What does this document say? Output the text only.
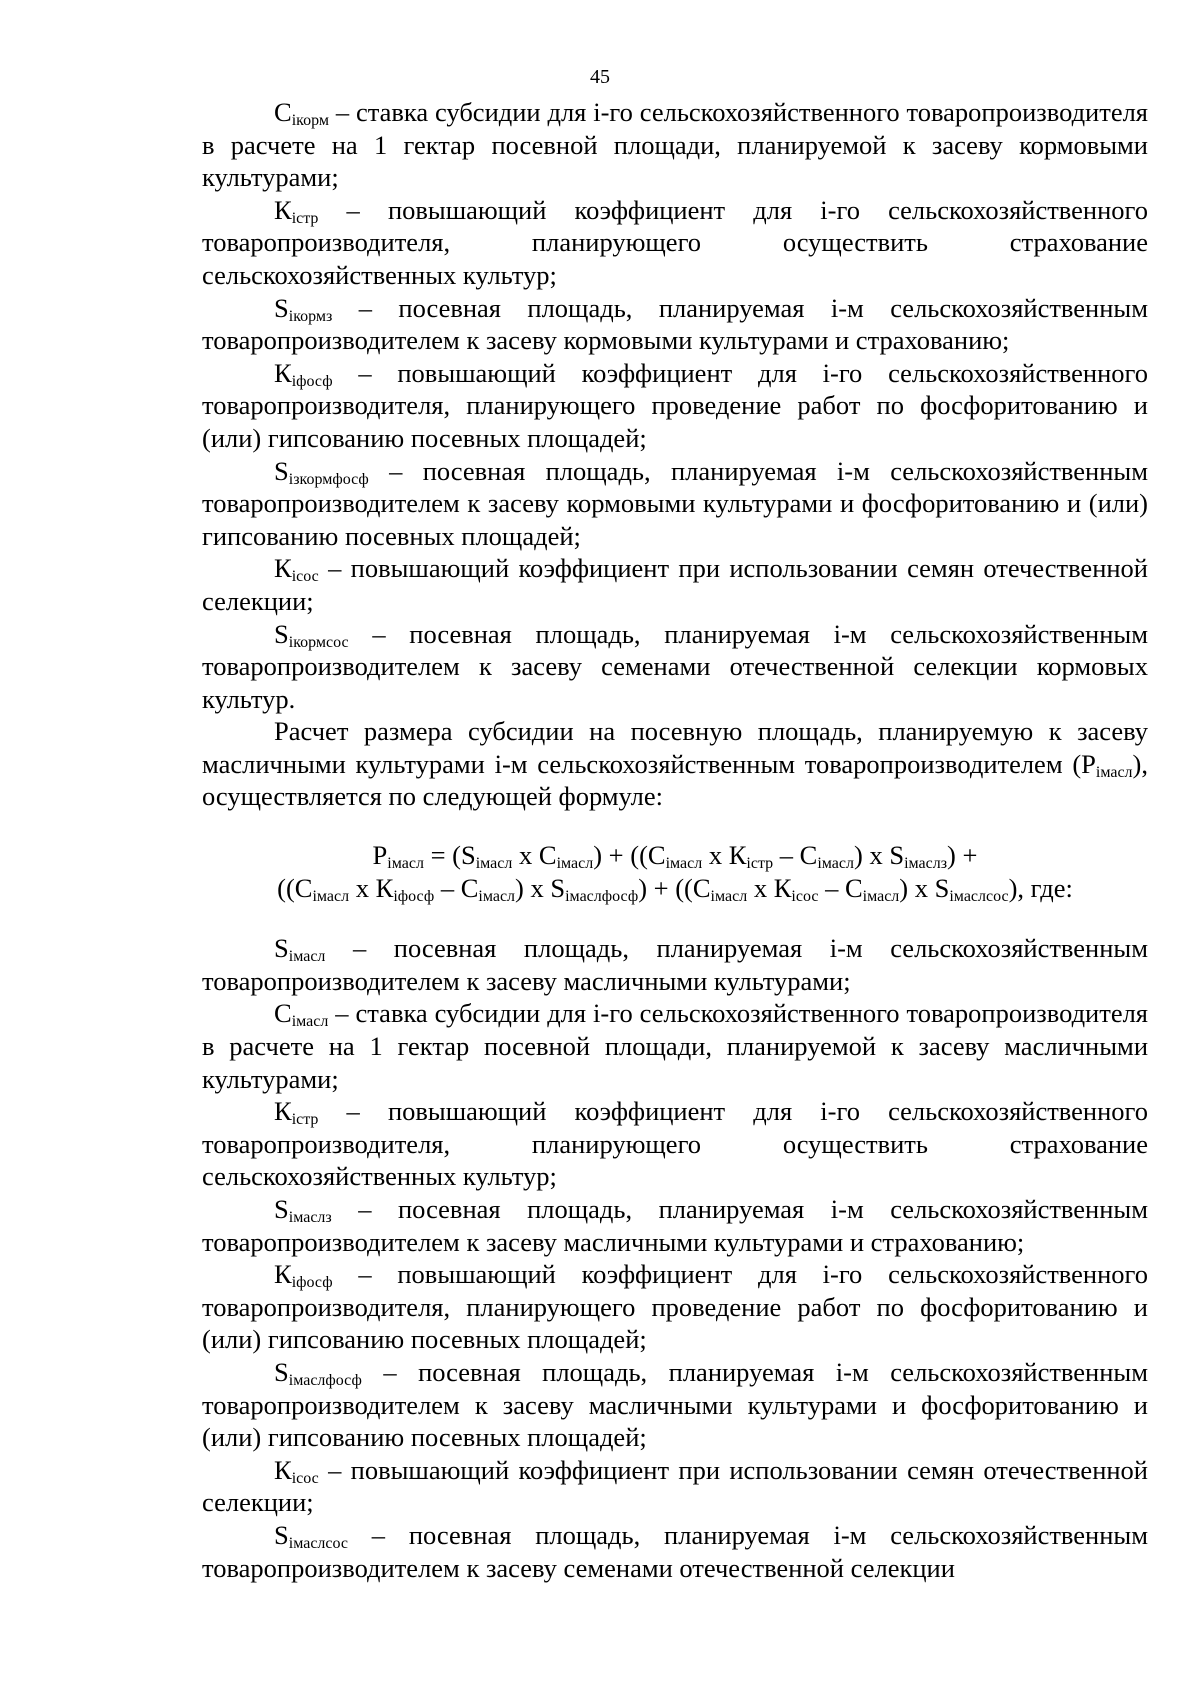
45

$С_{iкорм}$ – ставка субсидии для i-го сельскохозяйственного товаропроизводителя в расчете на 1 гектар посевной площади, планируемой к засеву кормовыми культурами;

$К_{iстр}$ – повышающий коэффициент для i-го сельскохозяйственного товаропроизводителя, планирующего осуществить страхование сельскохозяйственных культур;

$S_{iкормз}$ – посевная площадь, планируемая i-м сельскохозяйственным товаропроизводителем к засеву кормовыми культурами и страхованию;

$К_{iфосф}$ – повышающий коэффициент для i-го сельскохозяйственного товаропроизводителя, планирующего проведение работ по фосфоритованию и (или) гипсованию посевных площадей;

$S_{iзкормфосф}$ – посевная площадь, планируемая i-м сельскохозяйственным товаропроизводителем к засеву кормовыми культурами и фосфоритованию и (или) гипсованию посевных площадей;

$К_{iсос}$ – повышающий коэффициент при использовании семян отечественной селекции;

$S_{iкормсос}$ – посевная площадь, планируемая i-м сельскохозяйственным товаропроизводителем к засеву семенами отечественной селекции кормовых культур.

Расчет размера субсидии на посевную площадь, планируемую к засеву масличными культурами i-м сельскохозяйственным товаропроизводителем $(Р_{iмасл})$, осуществляется по следующей формуле:

$Р_{iмасл} = (S_{iмасл}$ х $С_{iмасл}) + ((С_{iмасл}$ х $К_{iстр} - С_{iмасл}$) х $S_{iмаслз}$) +
(($С_{iмасл}$ х $К_{iфосф} - С_{iмасл}$) х $S_{iмаслфосф}) + ((С_{iмасл}$ х $К_{iсос} - С_{iмасл}$) х $S_{iмаслсос}$), где:

$S_{iмасл}$ – посевная площадь, планируемая i-м сельскохозяйственным товаропроизводителем к засеву масличными культурами;

$С_{iмасл}$ – ставка субсидии для i-го сельскохозяйственного товаропроизводителя в расчете на 1 гектар посевной площади, планируемой к засеву масличными культурами;

$К_{iстр}$ – повышающий коэффициент для i-го сельскохозяйственного товаропроизводителя, планирующего осуществить страхование сельскохозяйственных культур;

$S_{iмаслз}$ – посевная площадь, планируемая i-м сельскохозяйственным товаропроизводителем к засеву масличными культурами и страхованию;

$К_{iфосф}$ – повышающий коэффициент для i-го сельскохозяйственного товаропроизводителя, планирующего проведение работ по фосфоритованию и (или) гипсованию посевных площадей;

$S_{iмаслфосф}$ – посевная площадь, планируемая i-м сельскохозяйственным товаропроизводителем к засеву масличными культурами и фосфоритованию и (или) гипсованию посевных площадей;

$К_{iсос}$ – повышающий коэффициент при использовании семян отечественной селекции;

$S_{iмаслсос}$ – посевная площадь, планируемая i-м сельскохозяйственным товаропроизводителем к засеву семенами отечественной селекции
